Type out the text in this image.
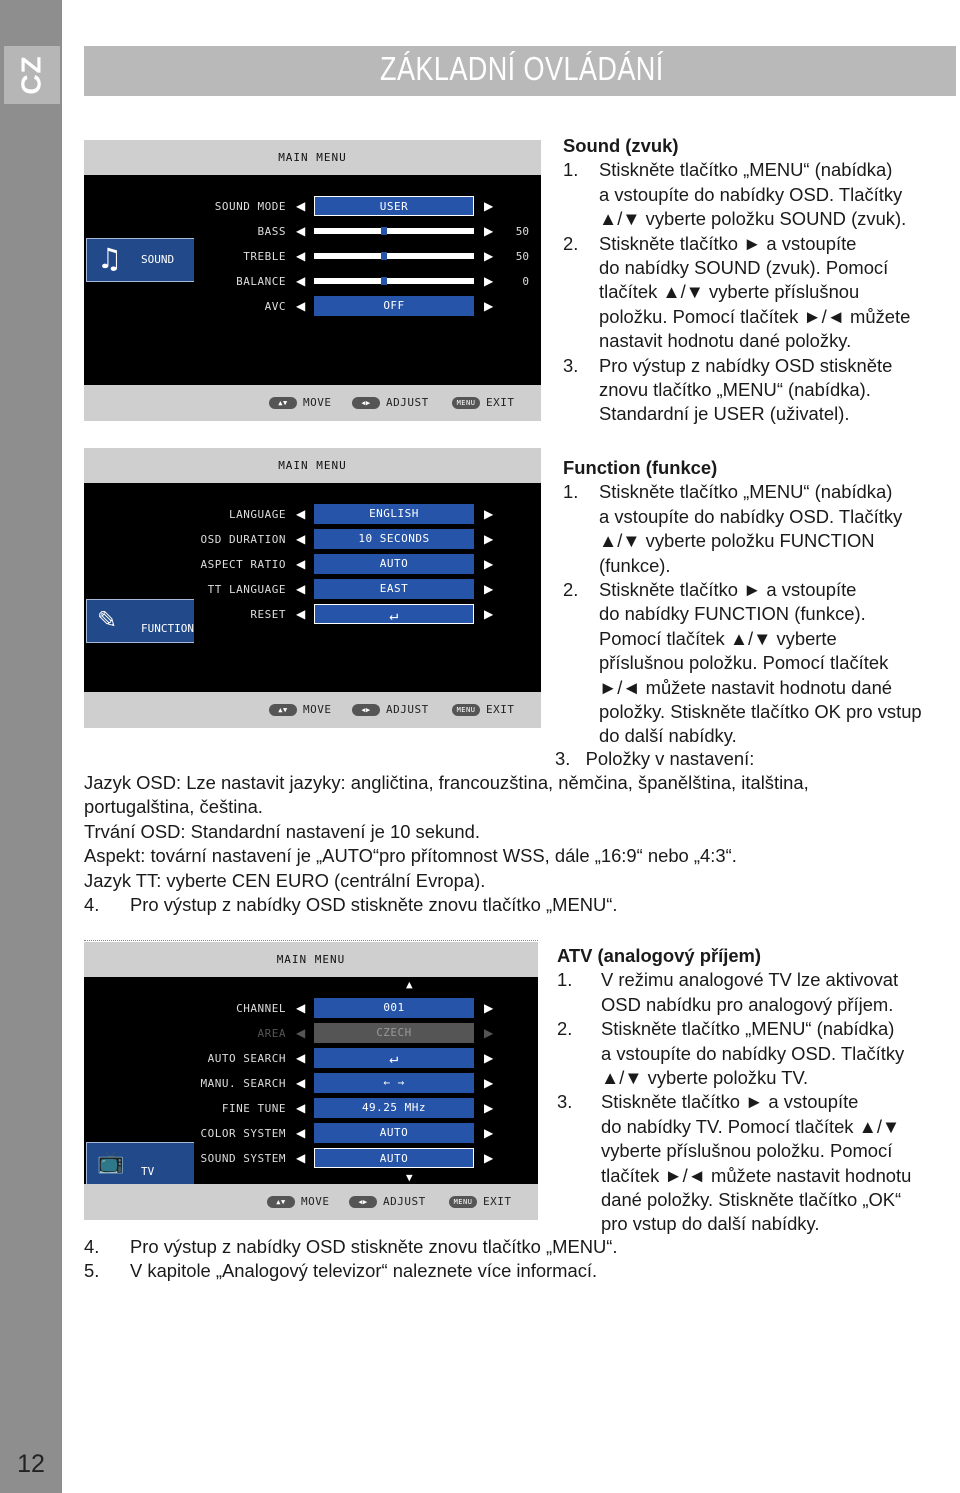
CZ
12
ZÁKLADNÍ OVLÁDÁNÍ
MAIN MENU
♫ SOUND
SOUND MODE ◀	USER	▶
BASS ◀	▶	50
TREBLE ◀	▶	50
BALANCE ◀	▶	0
AVC ◀	OFF	▶
▲▼ MOVE	◀▶ ADJUST	MENU EXIT
Sound (zvuk)
1. Stiskněte tlačítko „MENU“ (nabídka)
a vstoupíte do nabídky OSD. Tlačítky
▲/▼ vyberte položku SOUND (zvuk).
2. Stiskněte tlačítko ► a vstoupíte
do nabídky SOUND (zvuk). Pomocí
tlačítek ▲/▼ vyberte příslušnou
položku. Pomocí tlačítek ►/◄ můžete
nastavit hodnotu dané položky.
3. Pro výstup z nabídky OSD stiskněte
znovu tlačítko „MENU“ (nabídka).
Standardní je USER (uživatel).
MAIN MENU
✎ FUNCTION
LANGUAGE ◀	ENGLISH	▶
OSD DURATION ◀	10 SECONDS	▶
ASPECT RATIO ◀	AUTO	▶
TT LANGUAGE ◀	EAST	▶
RESET ◀	↵	▶
▲▼ MOVE	◀▶ ADJUST	MENU EXIT
Function (funkce)
1. Stiskněte tlačítko „MENU“ (nabídka)
a vstoupíte do nabídky OSD. Tlačítky
▲/▼ vyberte položku FUNCTION
(funkce).
2. Stiskněte tlačítko ► a vstoupíte
do nabídky FUNCTION (funkce).
Pomocí tlačítek ▲/▼ vyberte
příslušnou položku. Pomocí tlačítek
►/◄ můžete nastavit hodnotu dané
položky. Stiskněte tlačítko OK pro vstup
do další nabídky.
3.   Položky v nastavení:
Jazyk OSD: Lze nastavit jazyky: angličtina, francouzština, němčina, španělština, italština,
portugalština, čeština.
Trvání OSD: Standardní nastavení je 10 sekund.
Aspekt: tovární nastavení je „AUTO“pro přítomnost WSS, dále „16:9“ nebo „4:3“.
Jazyk TT: vyberte CEN EURO (centrální Evropa).
4. Pro výstup z nabídky OSD stiskněte znovu tlačítko „MENU“.
MAIN MENU
📺 TV
▲
CHANNEL ◀	001	▶
AREA ◀	CZECH	▶
AUTO SEARCH ◀	↵	▶
MANU. SEARCH ◀	← →	▶
FINE TUNE ◀	49.25 MHz	▶
COLOR SYSTEM ◀	AUTO	▶
SOUND SYSTEM ◀	AUTO	▶
▼
▲▼ MOVE	◀▶ ADJUST	MENU EXIT
ATV (analogový příjem)
1. V režimu analogové TV lze aktivovat
OSD nabídku pro analogový příjem.
2. Stiskněte tlačítko „MENU“ (nabídka)
a vstoupíte do nabídky OSD. Tlačítky
▲/▼ vyberte položku TV.
3. Stiskněte tlačítko ► a vstoupíte
do nabídky TV. Pomocí tlačítek ▲/▼
vyberte příslušnou položku. Pomocí
tlačítek ►/◄ můžete nastavit hodnotu
dané položky. Stiskněte tlačítko „OK“
pro vstup do další nabídky.
4. Pro výstup z nabídky OSD stiskněte znovu tlačítko „MENU“.
5. V kapitole „Analogový televizor“ naleznete více informací.
